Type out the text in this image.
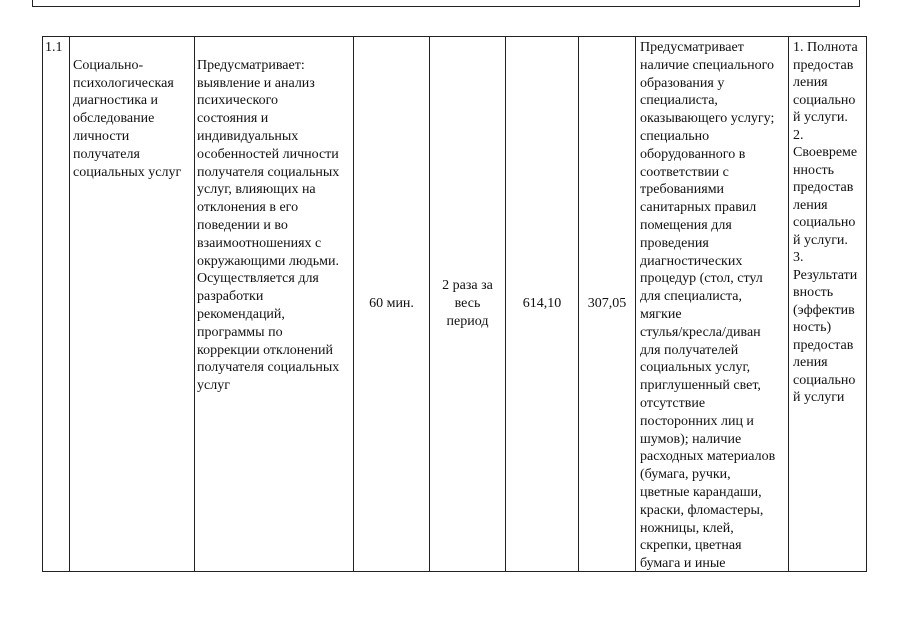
1.1

Социально-
психологическая
диагностика и
обследование
личности
получателя
социальных услуг

Предусматривает:
выявление и анализ
психического
состояния и
индивидуальных
особенностей личности
получателя социальных
услуг, влияющих на
отклонения в его
поведении и во
взаимоотношениях с
окружающими людьми.
Осуществляется для
разработки
рекомендаций,
программы по
коррекции отклонений
получателя социальных
услуг

60 мин.
2 раза за
весь
период
614,10 307,05
Предусматривает
наличие специального
образования у
специалиста,
оказывающего услугу;
специально
оборудованного в
соответствии с
требованиями
санитарных правил
помещения для
проведения
диагностических
процедур (стол, стул
для специалиста,
мягкие
стулья/кресла/диван
для получателей
социальных услуг,
приглушенный свет,
отсутствие
посторонних лиц и
шумов); наличие
расходных материалов
(бумага, ручки,
цветные карандаши,
краски, фломастеры,
ножницы, клей,
скрепки, цветная
бумага и иные
1. Полнота
предостав
ления
социально
й услуги.
2.
Своевреме
нность
предостав
ления
социально
й услуги.
3.
Результати
вность
(эффектив
ность)
предостав
ления
социально
й услуги
